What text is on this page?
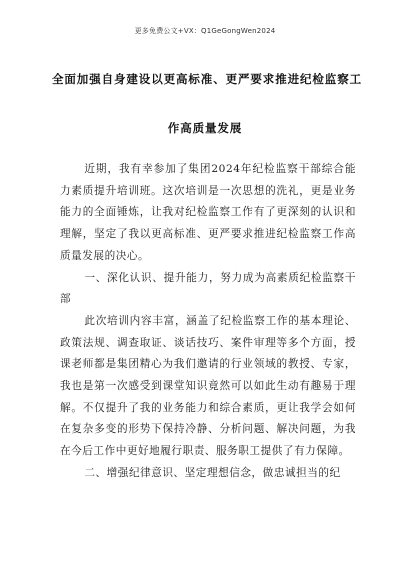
更多免费公文+VX：Q1GeGongWen2024
全面加强自身建设以更高标准、更严要求推进纪检监察工
作高质量发展

近期，我有幸参加了集团2024年纪检监察干部综合能力素质提升培训班。这次培训是一次思想的洗礼，更是业务能力的全面锤炼，让我对纪检监察工作有了更深刻的认识和理解，坚定了我以更高标准、更严要求推进纪检监察工作高质量发展的决心。

一、深化认识、提升能力，努力成为高素质纪检监察干部

此次培训内容丰富，涵盖了纪检监察工作的基本理论、政策法规、调查取证、谈话技巧、案件审理等多个方面，授课老师都是集团精心为我们邀请的行业领域的教授、专家，我也是第一次感受到课堂知识竟然可以如此生动有趣易于理解。不仅提升了我的业务能力和综合素质，更让我学会如何在复杂多变的形势下保持冷静、分析问题、解决问题，为我在今后工作中更好地履行职责、服务职工提供了有力保障。

二、增强纪律意识、坚定理想信念，做忠诚担当的纪
